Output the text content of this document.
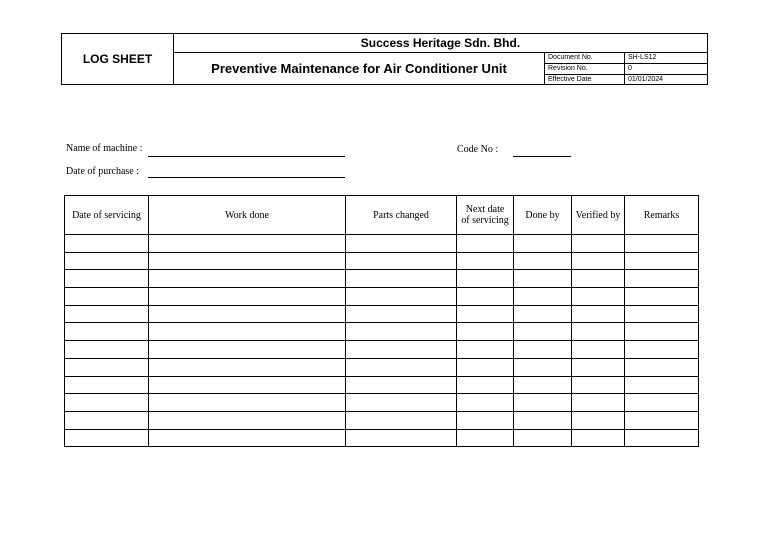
LOG SHEET
Success Heritage Sdn. Bhd.
Preventive Maintenance for Air Conditioner Unit
Document No.	SH-LS12
Revision No.	0
Effective Date	01/01/2024
Name of machine :	Code No :
Date of purchase :
Date of servicing	Work done	Parts changed	Next date of servicing	Done by	Verified by	Remarks
